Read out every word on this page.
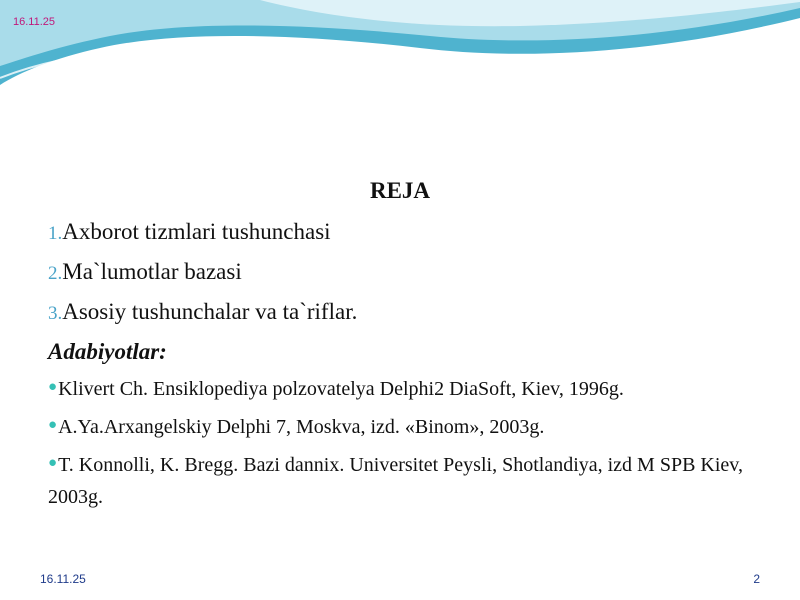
16.11.25
REJA
1.Axborot tizmlari tushunchasi
2.Ma`lumotlar bazasi
3.Asosiy tushunchalar va ta`riflar.
Adabiyotlar:
●Klivert Ch. Ensiklopediya polzovatelya Delphi2 DiaSoft, Kiev, 1996g.
●A.Ya.Arxangelskiy Delphi 7, Moskva, izd. «Binom», 2003g.
●T. Konnolli, K. Bregg. Bazi dannix. Universitet Peysli, Shotlandiya, izd M SPB Kiev, 2003g.
16.11.25	2
